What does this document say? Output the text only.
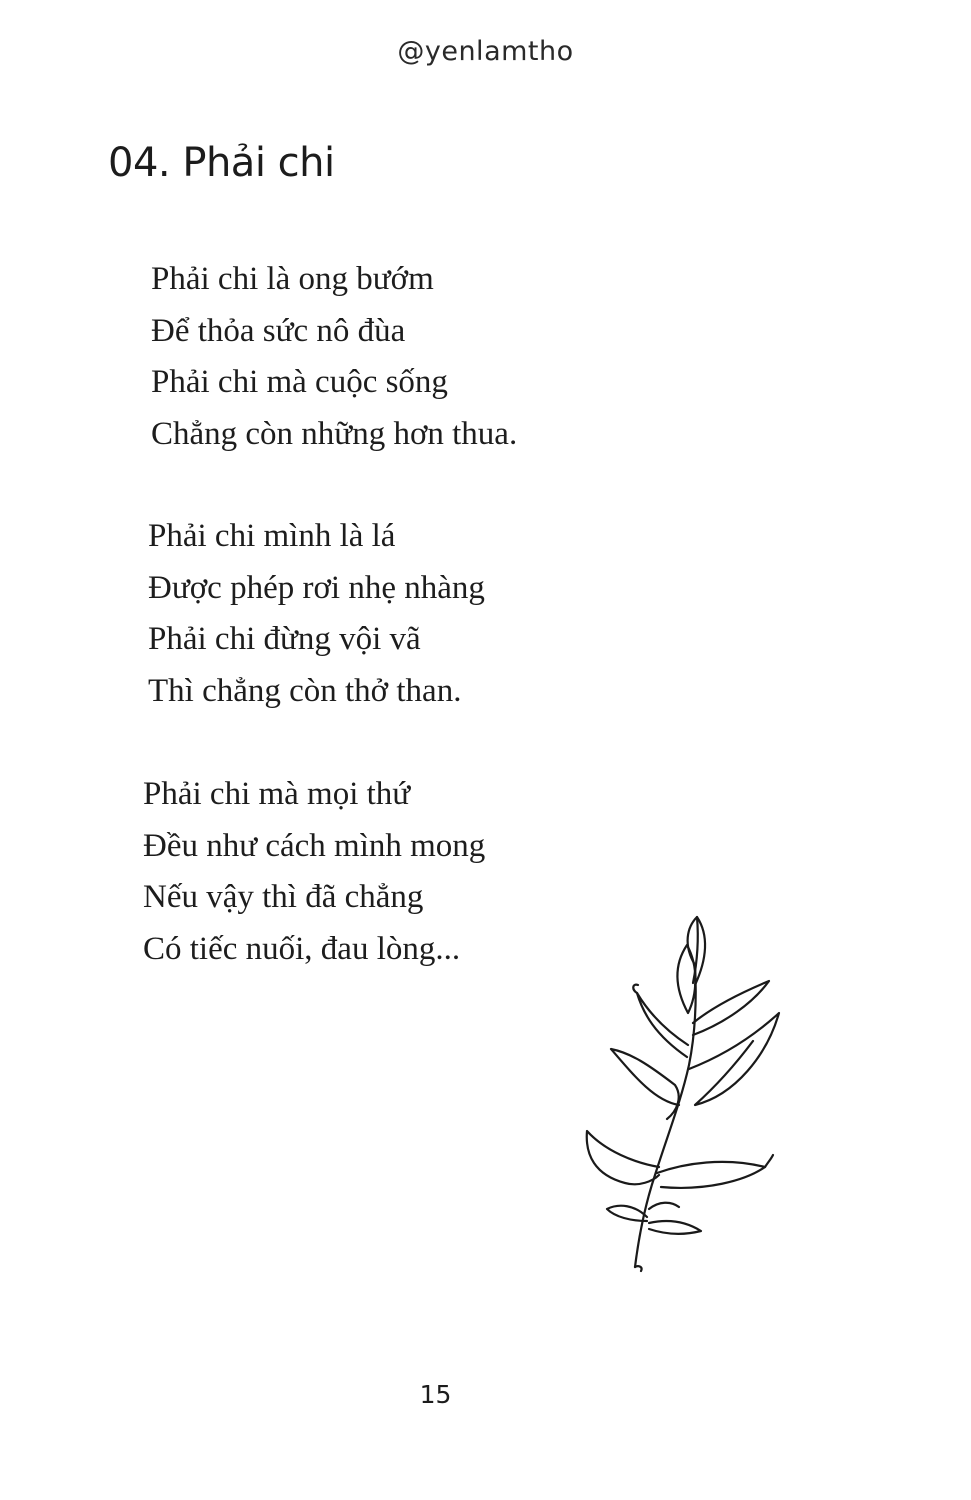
@yenlamtho
04. Phải chi
Phải chi là ong bướm
Để thỏa sức nô đùa
Phải chi mà cuộc sống
Chẳng còn những hơn thua.
Phải chi mình là lá
Được phép rơi nhẹ nhàng
Phải chi đừng vội vã
Thì chẳng còn thở than.
Phải chi mà mọi thứ
Đều như cách mình mong
Nếu vậy thì đã chẳng
Có tiếc nuối, đau lòng...
15
